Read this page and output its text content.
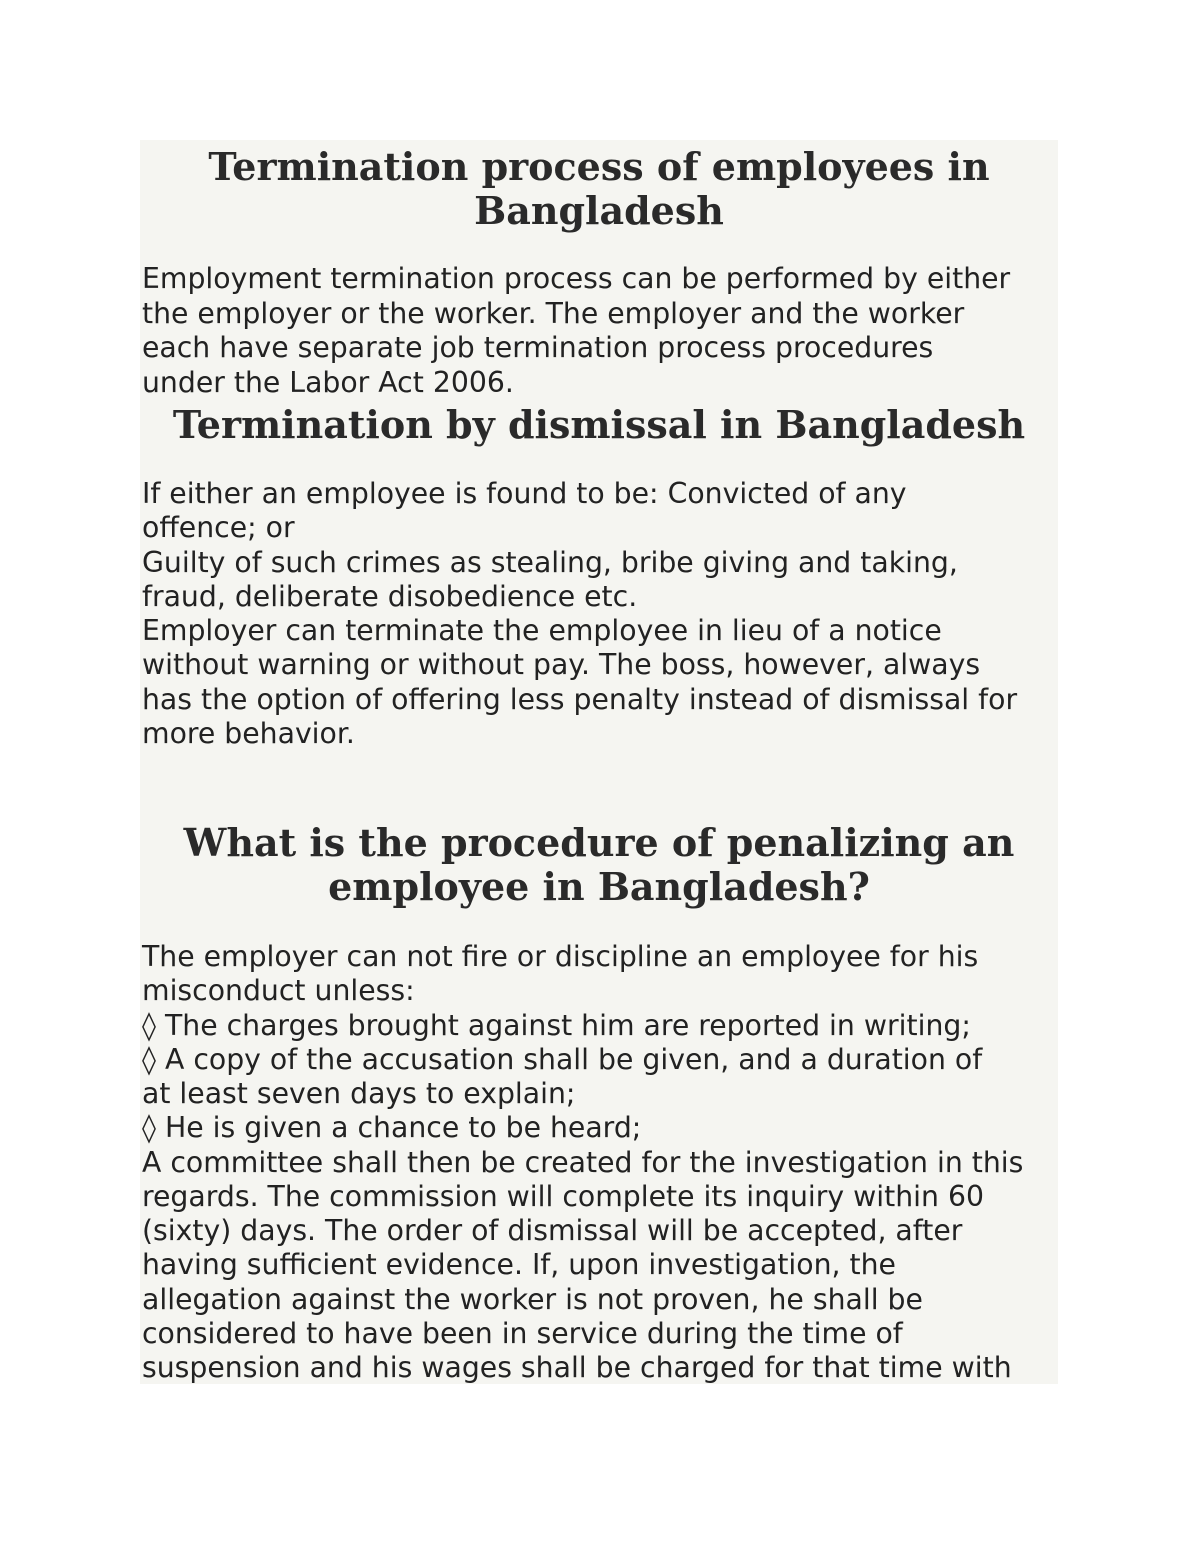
Termination process of employees in
Bangladesh

Employment termination process can be performed by either

the employer or the worker. The employer and the worker

each have separate job termination process procedures

under the Labor Act 2006.

Termination by dismissal in Bangladesh

If either an employee is found to be: Convicted of any

offence; or

Guilty of such crimes as stealing, bribe giving and taking,

fraud, deliberate disobedience etc.

Employer can terminate the employee in lieu of a notice

without warning or without pay. The boss, however, always

has the option of offering less penalty instead of dismissal for

more behavior.

What is the procedure of penalizing an
employee in Bangladesh?

The employer can not fire or discipline an employee for his

misconduct unless:

◊ The charges brought against him are reported in writing;

◊ A copy of the accusation shall be given, and a duration of

at least seven days to explain;

◊ He is given a chance to be heard;

A committee shall then be created for the investigation in this

regards. The commission will complete its inquiry within 60

(sixty) days. The order of dismissal will be accepted, after

having sufficient evidence. If, upon investigation, the

allegation against the worker is not proven, he shall be

considered to have been in service during the time of

suspension and his wages shall be charged for that time with
